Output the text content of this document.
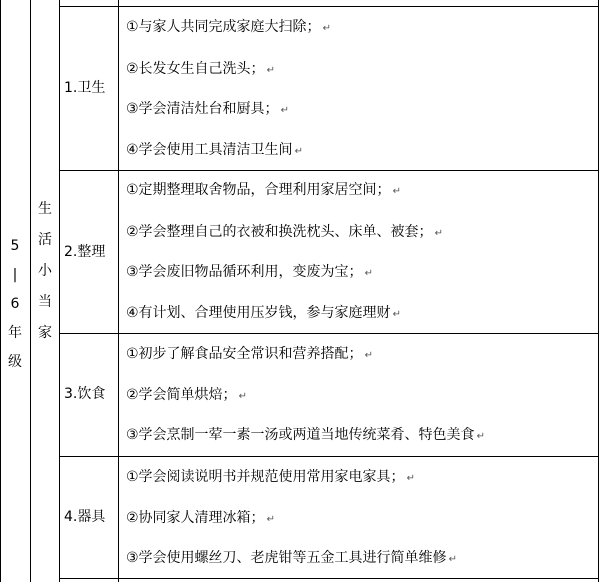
5
|
6
年
级
生
活
小
当
家
1.卫生
①与家人共同完成家庭大扫除； ↵
②长发女生自己洗头； ↵
③学会清洁灶台和厨具； ↵
④学会使用工具清洁卫生间 ↵
2.整理
①定期整理取舍物品，合理利用家居空间； ↵
②学会整理自己的衣被和换洗枕头、床单、被套； ↵
③学会废旧物品循环利用，变废为宝； ↵
④有计划、合理使用压岁钱，参与家庭理财 ↵
3.饮食
①初步了解食品安全常识和营养搭配； ↵
②学会简单烘焙； ↵
③学会烹制一荤一素一汤或两道当地传统菜肴、特色美食 ↵
4.器具
①学会阅读说明书并规范使用常用家电家具； ↵
②协同家人清理冰箱； ↵
③学会使用螺丝刀、老虎钳等五金工具进行简单维修 ↵
